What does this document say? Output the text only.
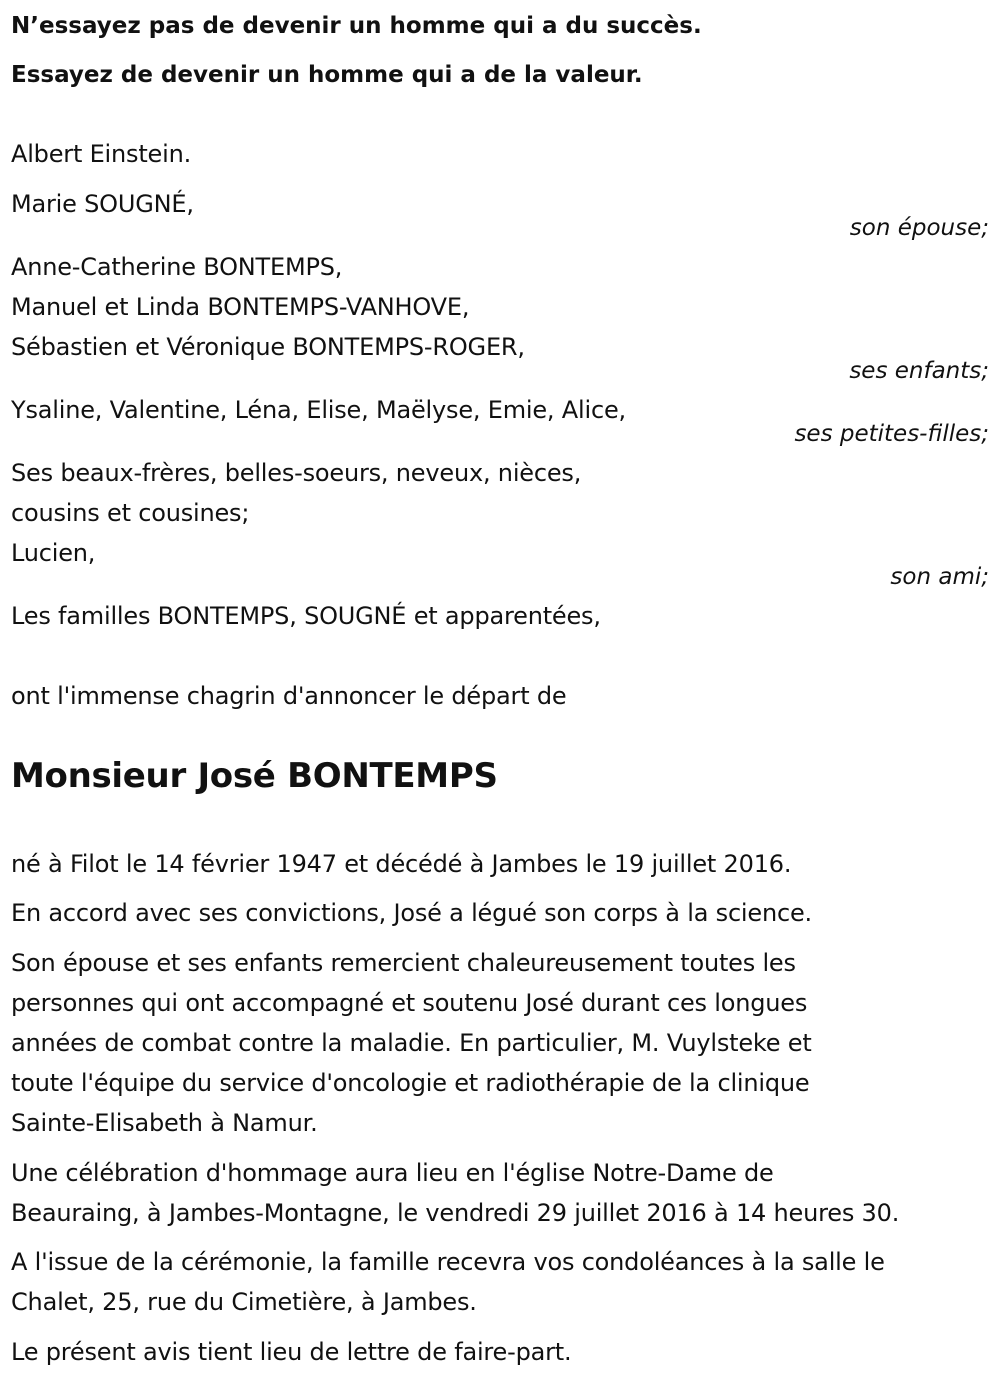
N’essayez pas de devenir un homme qui a du succès.
Essayez de devenir un homme qui a de la valeur.
Albert Einstein.
Marie SOUGNÉ,
son épouse;
Anne-Catherine BONTEMPS,
Manuel et Linda BONTEMPS-VANHOVE,
Sébastien et Véronique BONTEMPS-ROGER,
ses enfants;
Ysaline, Valentine, Léna, Elise, Maëlyse, Emie, Alice,
ses petites-filles;
Ses beaux-frères, belles-soeurs, neveux, nièces,
cousins et cousines;
Lucien,
son ami;
Les familles BONTEMPS, SOUGNÉ et apparentées,
ont l'immense chagrin d'annoncer le départ de
Monsieur José BONTEMPS
né à Filot le 14 février 1947 et décédé à Jambes le 19 juillet 2016.
En accord avec ses convictions, José a légué son corps à la science.
Son épouse et ses enfants remercient chaleureusement toutes les
personnes qui ont accompagné et soutenu José durant ces longues
années de combat contre la maladie. En particulier, M. Vuylsteke et
toute l'équipe du service d'oncologie et radiothérapie de la clinique
Sainte-Elisabeth à Namur.
Une célébration d'hommage aura lieu en l'église Notre-Dame de
Beauraing, à Jambes-Montagne, le vendredi 29 juillet 2016 à 14 heures 30.
A l'issue de la cérémonie, la famille recevra vos condoléances à la salle le
Chalet, 25, rue du Cimetière, à Jambes.
Le présent avis tient lieu de lettre de faire-part.
